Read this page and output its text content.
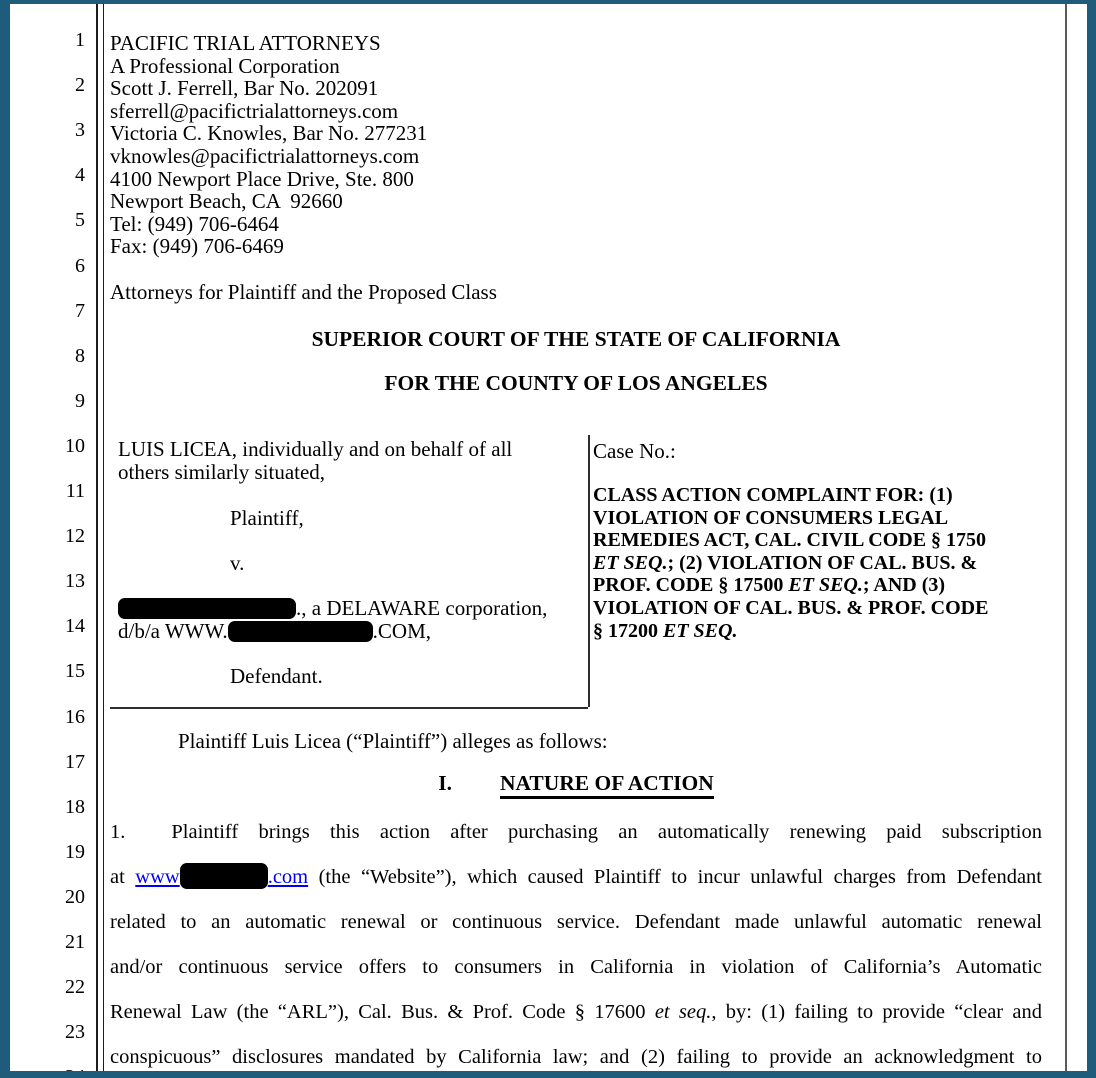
1
2
3
4
5
6
7
8
9
10
11
12
13
14
15
16
17
18
19
20
21
22
23
PACIFIC TRIAL ATTORNEYS
A Professional Corporation
Scott J. Ferrell, Bar No. 202091
sferrell@pacifictrialattorneys.com
Victoria C. Knowles, Bar No. 277231
vknowles@pacifictrialattorneys.com
4100 Newport Place Drive, Ste. 800
Newport Beach, CA  92660
Tel: (949) 706-6464
Fax: (949) 706-6469

Attorneys for Plaintiff and the Proposed Class
SUPERIOR COURT OF THE STATE OF CALIFORNIA
FOR THE COUNTY OF LOS ANGELES
LUIS LICEA, individually and on behalf of all
others similarly situated,
Plaintiff,
v.
., a DELAWARE corporation,
d/b/a WWW.	.COM,
Defendant.
Case No.:
CLASS ACTION COMPLAINT FOR: (1)
VIOLATION OF CONSUMERS LEGAL
REMEDIES ACT, CAL. CIVIL CODE § 1750
ET SEQ.; (2) VIOLATION OF CAL. BUS. &
PROF. CODE § 17500 ET SEQ.; AND (3)
VIOLATION OF CAL. BUS. & PROF. CODE
§ 17200 ET SEQ.
Plaintiff Luis Licea (“Plaintiff”) alleges as follows:
I. NATURE OF ACTION
1. Plaintiff brings this action after purchasing an automatically renewing paid subscription
at www	.com (the “Website”), which caused Plaintiff to incur unlawful charges from Defendant
related to an automatic renewal or continuous service. Defendant made unlawful automatic renewal
and/or continuous service offers to consumers in California in violation of California’s Automatic
Renewal Law (the “ARL”), Cal. Bus. & Prof. Code § 17600 et seq., by: (1) failing to provide “clear and
conspicuous” disclosures mandated by California law; and (2) failing to provide an acknowledgment to
